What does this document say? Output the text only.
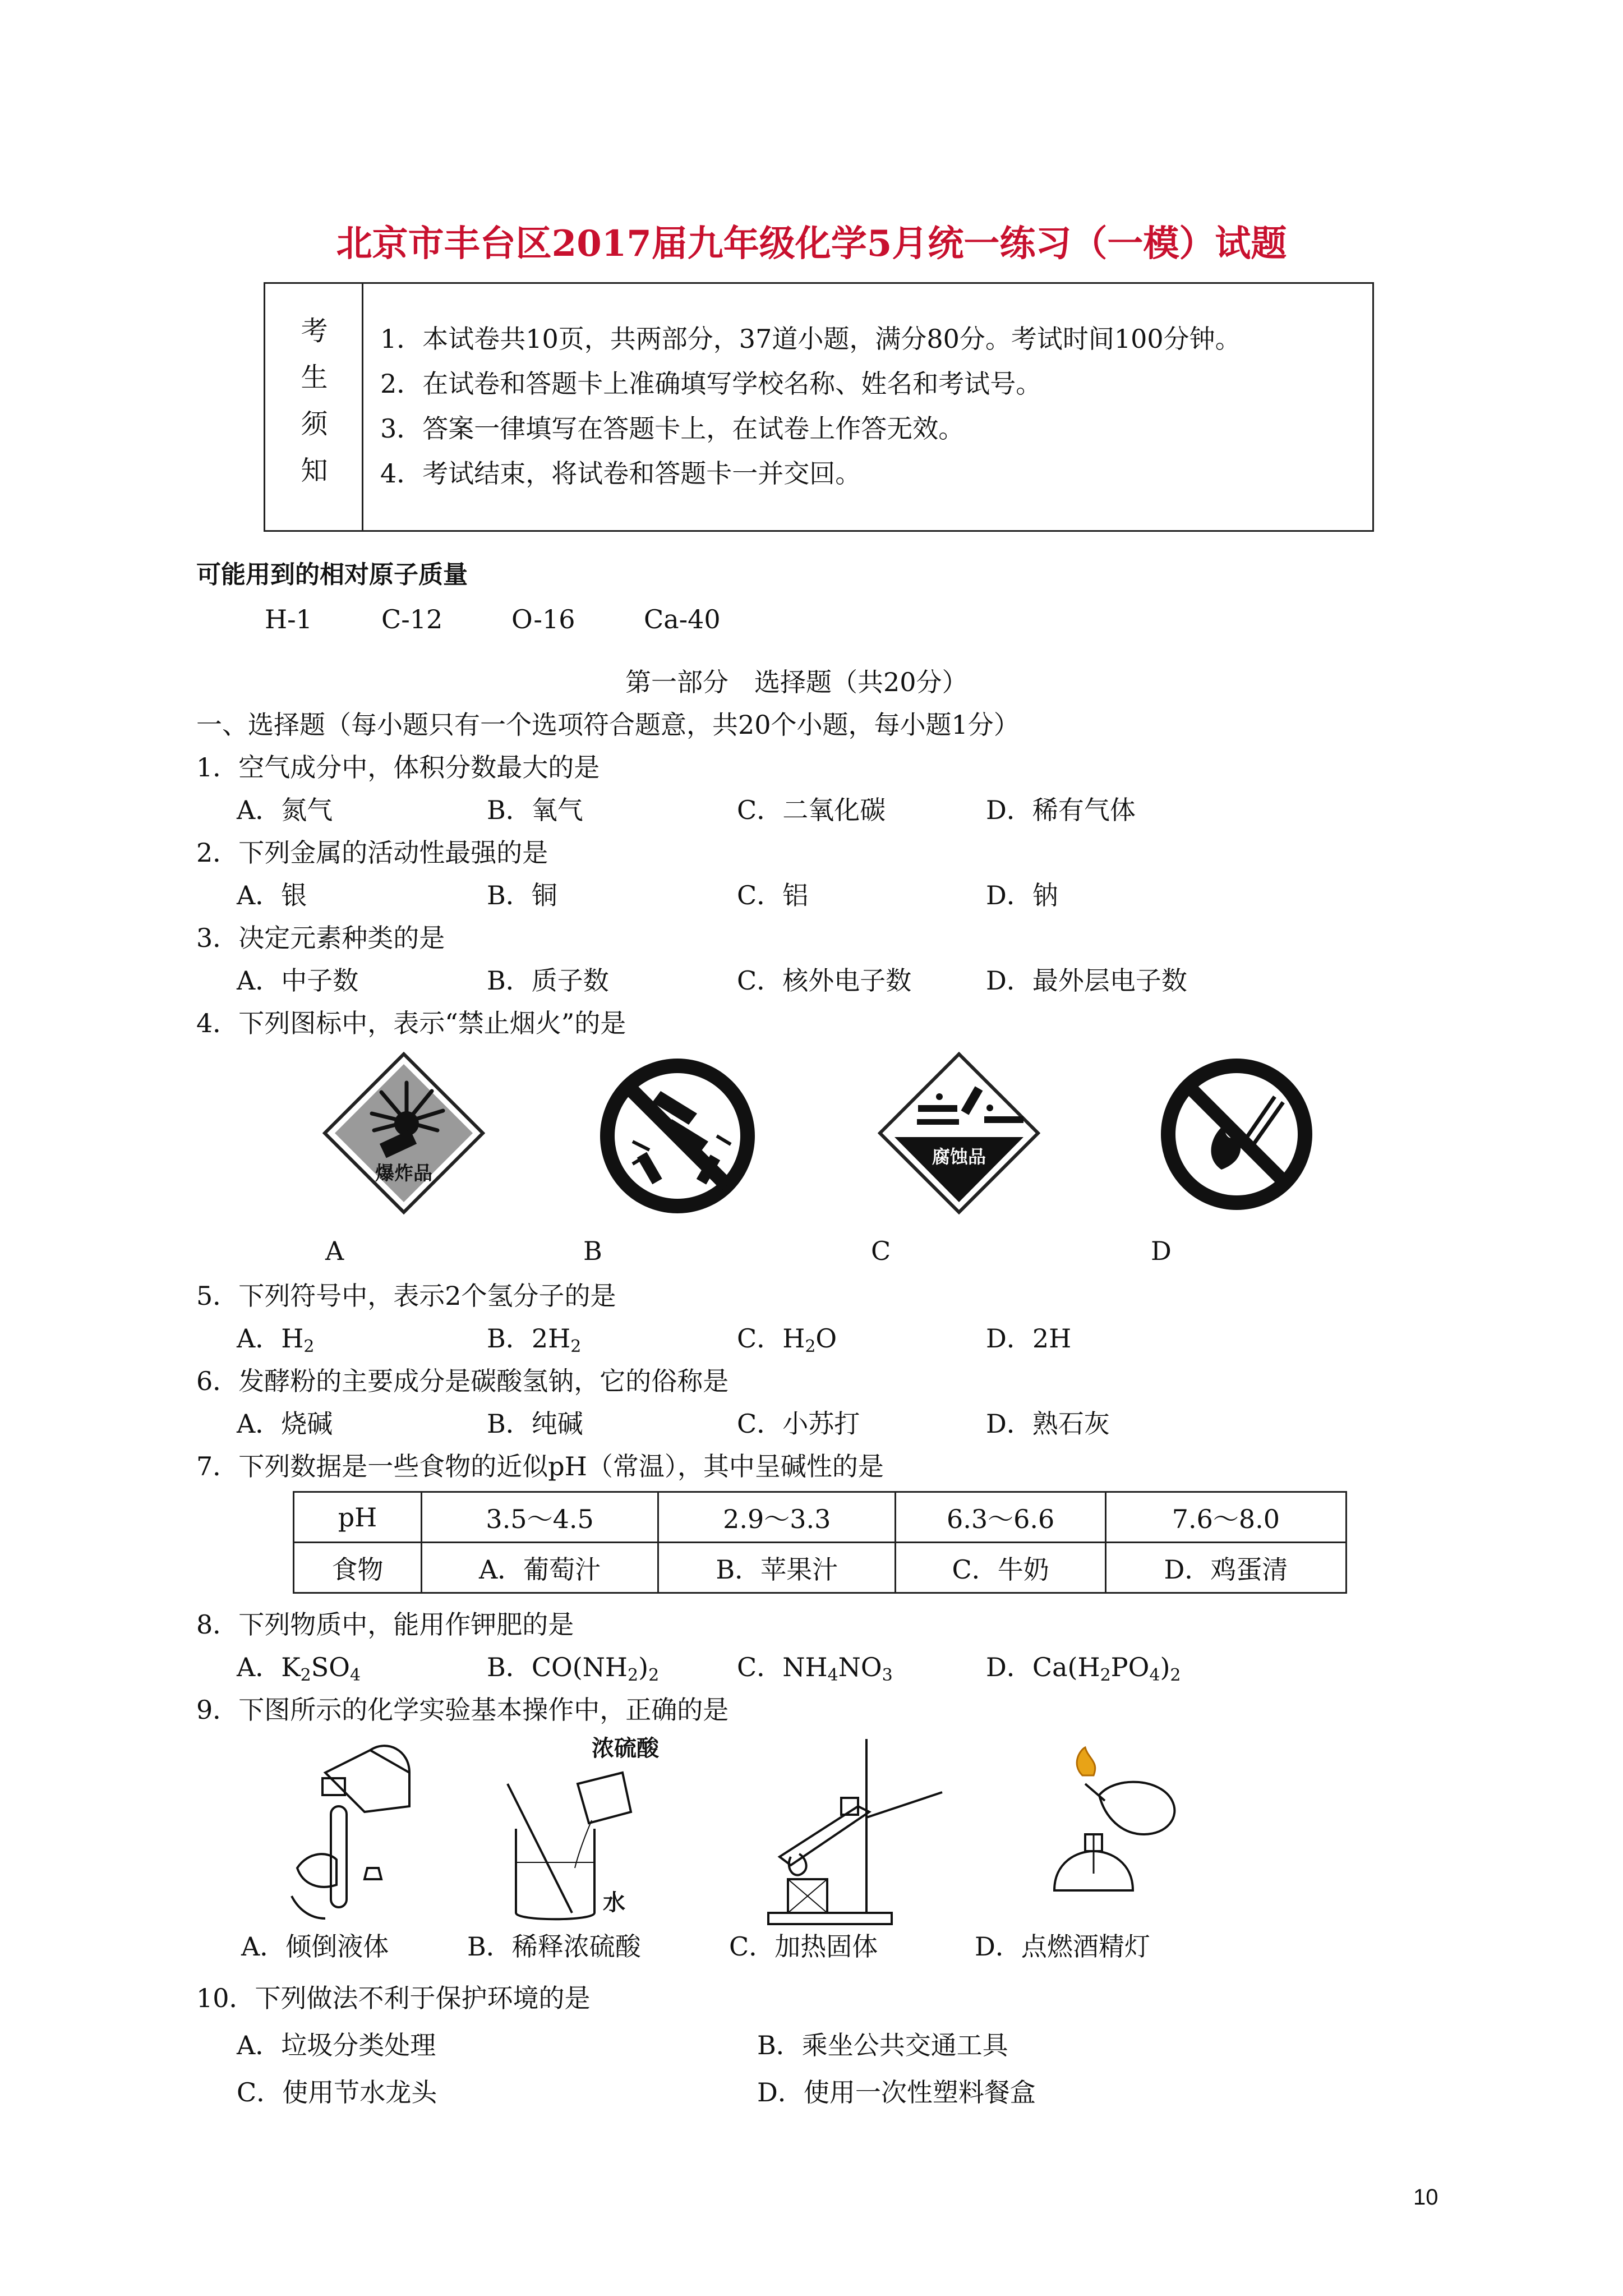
北京市丰台区2017届九年级化学5月统一练习（一模）试题
考
生
须
知
1．本试卷共10页，共两部分，37道小题，满分80分。考试时间100分钟。
2．在试卷和答题卡上准确填写学校名称、姓名和考试号。
3．答案一律填写在答题卡上，在试卷上作答无效。
4．考试结束，将试卷和答题卡一并交回。
可能用到的相对原子质量
H-1	C-12	O-16	Ca-40
第一部分　选择题（共20分）
一、选择题（每小题只有一个选项符合题意，共20个小题，每小题1分）
1．空气成分中，体积分数最大的是
A．氮气	B．氧气	C．二氧化碳	D．稀有气体
2．下列金属的活动性最强的是
A．银	B．铜	C．铝	D．钠
3．决定元素种类的是
A．中子数	B．质子数	C．核外电子数	D．最外层电子数
4．下列图标中，表示“禁止烟火”的是
爆炸品
腐蚀品
A	B	C	D
5．下列符号中，表示2个氢分子的是
A．$H_2$	B．$2H_2$	C．$H_2O$	D．2H
6．发酵粉的主要成分是碳酸氢钠，它的俗称是
A．烧碱	B．纯碱	C．小苏打	D．熟石灰
7．下列数据是一些食物的近似pH（常温），其中呈碱性的是
pH	3.5～4.5	2.9～3.3	6.3～6.6	7.6～8.0
食物	A．葡萄汁	B．苹果汁	C．牛奶	D．鸡蛋清
8．下列物质中，能用作钾肥的是
A．$K_2SO_4$	B．$CO(NH_2)_2$	C．$NH_4NO_3$	D．$Ca(H_2PO_4)_2$
9．下图所示的化学实验基本操作中，正确的是
浓硫酸
水
A．倾倒液体	B．稀释浓硫酸	C．加热固体	D．点燃酒精灯
10．下列做法不利于保护环境的是
A．垃圾分类处理	B．乘坐公共交通工具
C．使用节水龙头	D．使用一次性塑料餐盒
10
